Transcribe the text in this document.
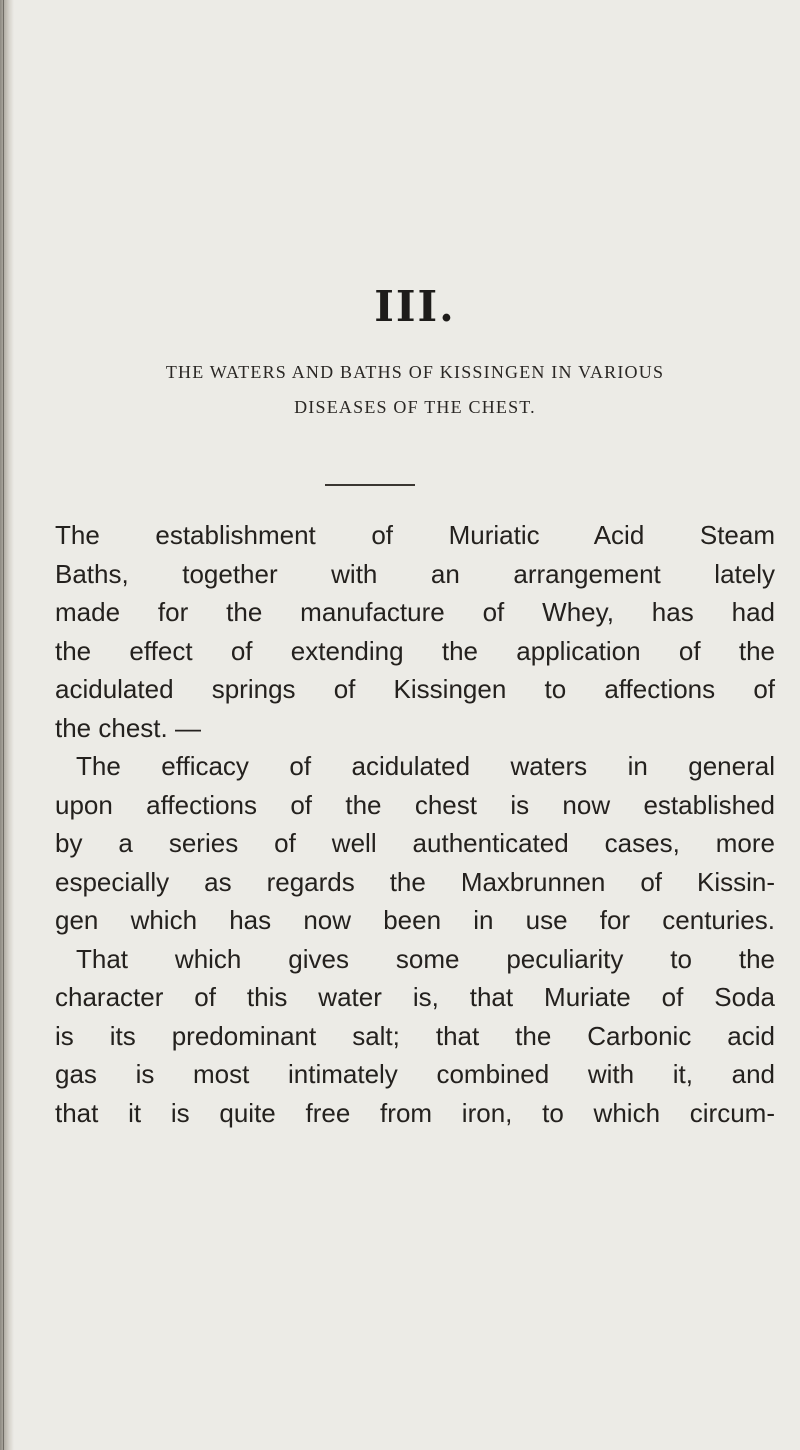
III.
THE WATERS AND BATHS OF KISSINGEN IN VARIOUS
DISEASES OF THE CHEST.
The establishment of Muriatic Acid Steam
Baths, together with an arrangement lately
made for the manufacture of Whey, has had
the effect of extending the application of the
acidulated springs of Kissingen to affections of
the chest. —
The efficacy of acidulated waters in general
upon affections of the chest is now established
by a series of well authenticated cases, more
especially as regards the Maxbrunnen of Kissin-
gen which has now been in use for centuries.
That which gives some peculiarity to the
character of this water is, that Muriate of Soda
is its predominant salt; that the Carbonic acid
gas is most intimately combined with it, and
that it is quite free from iron, to which circum-
